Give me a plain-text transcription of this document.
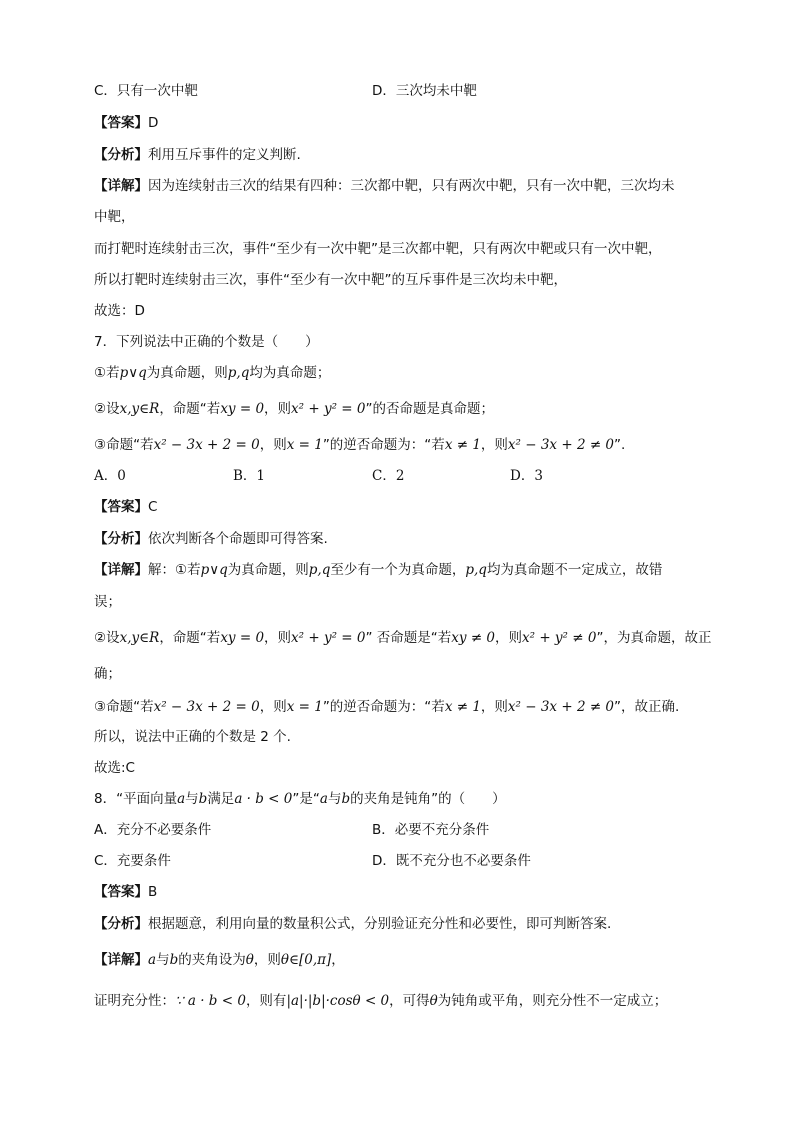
C．只有一次中靶	D．三次均未中靶
【答案】D
【分析】利用互斥事件的定义判断.
【详解】因为连续射击三次的结果有四种：三次都中靶，只有两次中靶，只有一次中靶，三次均未
中靶，
而打靶时连续射击三次，事件“至少有一次中靶”是三次都中靶，只有两次中靶或只有一次中靶，
所以打靶时连续射击三次，事件“至少有一次中靶”的互斥事件是三次均未中靶，
故选：D
7．下列说法中正确的个数是（　　）
①若p∨q为真命题，则p,q均为真命题；
②设x,y∈R，命题“若xy = 0，则x² + y² = 0”的否命题是真命题；
③命题“若x² − 3x + 2 = 0，则x = 1”的逆否命题为：“若x ≠ 1，则x² − 3x + 2 ≠ 0”.
A．0	B．1	C．2	D．3
【答案】C
【分析】依次判断各个命题即可得答案.
【详解】解：①若p∨q为真命题，则p,q至少有一个为真命题，p,q均为真命题不一定成立，故错
误；
②设x,y∈R，命题“若xy = 0，则x² + y² = 0” 否命题是“若xy ≠ 0，则x² + y² ≠ 0”，为真命题，故正
确；
③命题“若x² − 3x + 2 = 0，则x = 1”的逆否命题为：“若x ≠ 1，则x² − 3x + 2 ≠ 0”，故正确.
所以，说法中正确的个数是 2 个.
故选:C
8．“平面向量a与b满足a · b < 0”是“a与b的夹角是钝角”的（　　）
A．充分不必要条件	B．必要不充分条件
C．充要条件	D．既不充分也不必要条件
【答案】B
【分析】根据题意，利用向量的数量积公式，分别验证充分性和必要性，即可判断答案.
【详解】a与b的夹角设为θ，则θ∈[0,π]，
证明充分性：∵ a · b < 0，则有|a|·|b|·cosθ < 0，可得θ为钝角或平角，则充分性不一定成立；
